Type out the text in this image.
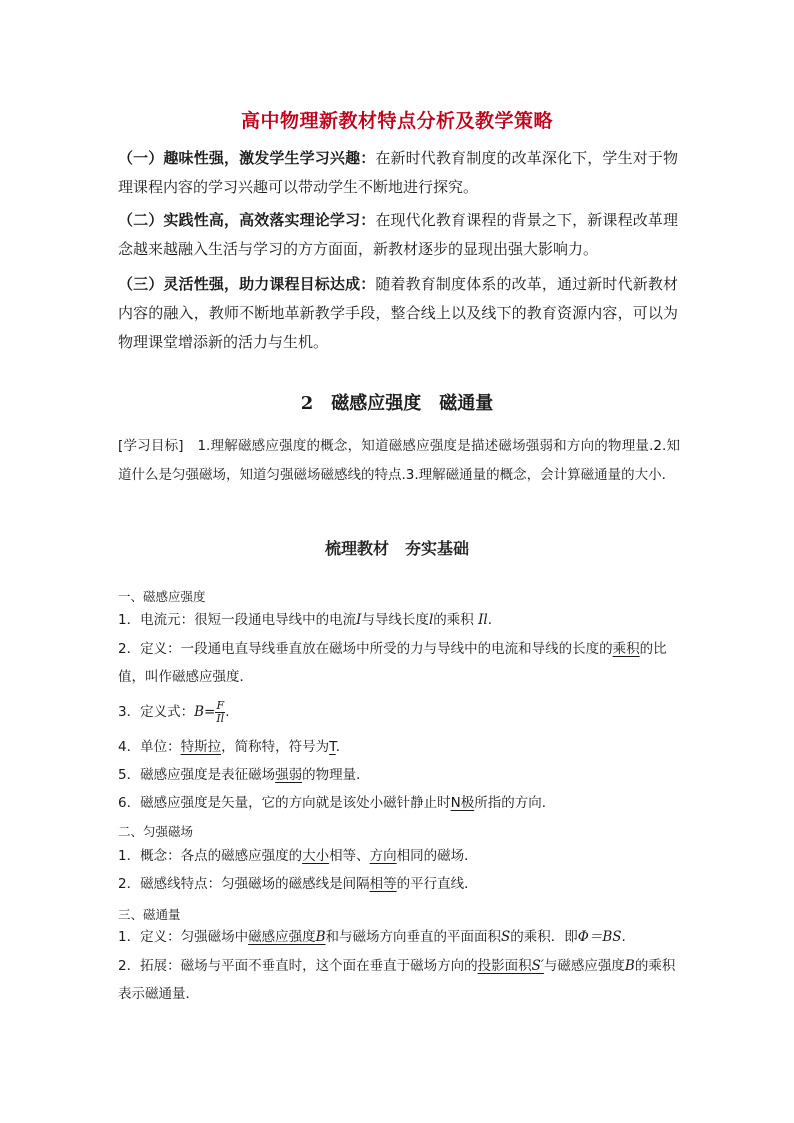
高中物理新教材特点分析及教学策略
（一）趣味性强，激发学生学习兴趣：在新时代教育制度的改革深化下，学生对于物理课程内容的学习兴趣可以带动学生不断地进行探究。
（二）实践性高，高效落实理论学习：在现代化教育课程的背景之下，新课程改革理念越来越融入生活与学习的方方面面，新教材逐步的显现出强大影响力。
（三）灵活性强，助力课程目标达成：随着教育制度体系的改革，通过新时代新教材内容的融入，教师不断地革新教学手段，整合线上以及线下的教育资源内容，可以为物理课堂增添新的活力与生机。
2　磁感应强度　磁通量
[学习目标]　1.理解磁感应强度的概念，知道磁感应强度是描述磁场强弱和方向的物理量.2.知道什么是匀强磁场，知道匀强磁场磁感线的特点.3.理解磁通量的概念，会计算磁通量的大小．
梳理教材　夯实基础
一、磁感应强度
1．电流元：很短一段通电导线中的电流I与导线长度l的乘积 Il.
2．定义：一段通电直导线垂直放在磁场中所受的力与导线中的电流和导线的长度的乘积的比值，叫作磁感应强度．
3．定义式：$B= \frac{F}{Il}$ .
4．单位：特斯拉，简称特，符号为T.
5．磁感应强度是表征磁场强弱的物理量．
6．磁感应强度是矢量，它的方向就是该处小磁针静止时N极所指的方向．
二、匀强磁场
1．概念：各点的磁感应强度的大小相等、方向相同的磁场．
2．磁感线特点：匀强磁场的磁感线是间隔相等的平行直线．
三、磁通量
1．定义：匀强磁场中磁感应强度B和与磁场方向垂直的平面面积S的乘积．即Φ＝BS.
2．拓展：磁场与平面不垂直时，这个面在垂直于磁场方向的投影面积S′与磁感应强度B的乘积表示磁通量．
